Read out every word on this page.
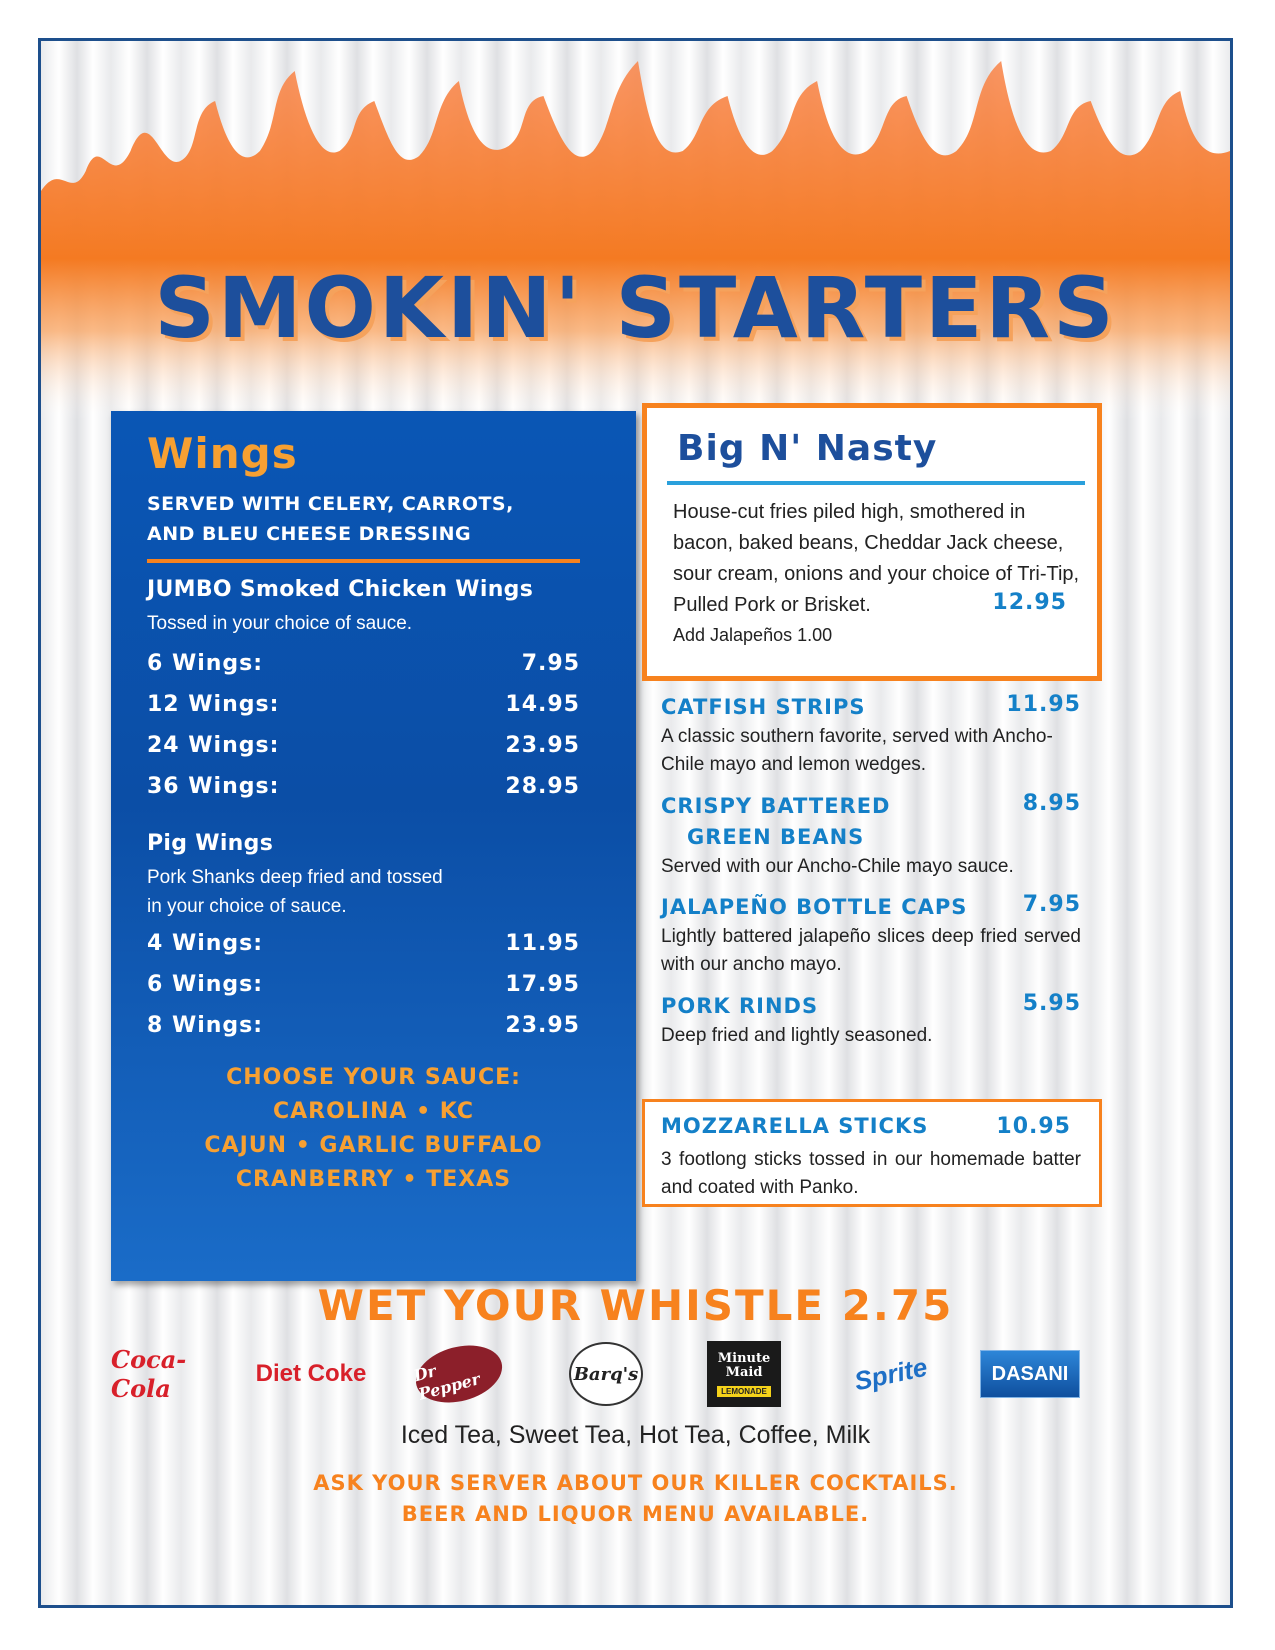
SMOKIN' STARTERS
Wings
SERVED WITH CELERY, CARROTS,
AND BLEU CHEESE DRESSING
JUMBO Smoked Chicken Wings
Tossed in your choice of sauce.
6 Wings:	7.95
12 Wings:	14.95
24 Wings:	23.95
36 Wings:	28.95
Pig Wings
Pork Shanks deep fried and tossed
in your choice of sauce.
4 Wings:	11.95
6 Wings:	17.95
8 Wings:	23.95
CHOOSE YOUR SAUCE:
CAROLINA • KC
CAJUN • GARLIC BUFFALO
CRANBERRY • TEXAS
Big N' Nasty
House-cut fries piled high, smothered in bacon, baked beans, Cheddar Jack cheese, sour cream, onions and your choice of Tri-Tip, Pulled Pork or Brisket.	12.95
Add Jalapeños 1.00
CATFISH STRIPS	11.95
A classic southern favorite, served with Ancho-Chile mayo and lemon wedges.
CRISPY BATTERED
GREEN BEANS
8.95
Served with our Ancho-Chile mayo sauce.
JALAPEÑO BOTTLE CAPS	7.95
Lightly battered jalapeño slices deep fried served with our ancho mayo.
PORK RINDS	5.95
Deep fried and lightly seasoned.
MOZZARELLA STICKS	10.95
3 footlong sticks tossed in our homemade batter and coated with Panko.
WET YOUR WHISTLE 2.75
Coca-Cola
Diet Coke	Dr Pepper	Barq's
Minute Maid
LEMONADE	Sprite	DASANI
Iced Tea, Sweet Tea, Hot Tea, Coffee, Milk
ASK YOUR SERVER ABOUT OUR KILLER COCKTAILS.
BEER AND LIQUOR MENU AVAILABLE.
